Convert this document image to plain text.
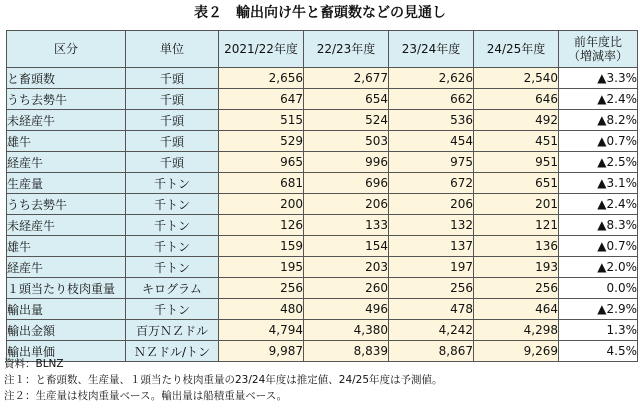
表２　輸出向け牛と畜頭数などの見通し
区分	単位	2021/22年度	22/23年度	23/24年度	24/25年度	前年度比
（増減率）
と畜頭数	千頭	2,656	2,677	2,626	2,540	▲3.3%
うち去勢牛	千頭	647	654	662	646	▲2.4%
未経産牛	千頭	515	524	536	492	▲8.2%
雄牛	千頭	529	503	454	451	▲0.7%
経産牛	千頭	965	996	975	951	▲2.5%
生産量	千トン	681	696	672	651	▲3.1%
うち去勢牛	千トン	200	206	206	201	▲2.4%
未経産牛	千トン	126	133	132	121	▲8.3%
雄牛	千トン	159	154	137	136	▲0.7%
経産牛	千トン	195	203	197	193	▲2.0%
１頭当たり枝肉重量	キログラム	256	260	256	256	0.0%
輸出量	千トン	480	496	478	464	▲2.9%
輸出金額	百万ＮＺドル	4,794	4,380	4,242	4,298	1.3%
輸出単価	ＮＺドル/トン	9,987	8,839	8,867	9,269	4.5%
資料：BLNZ
注１：と畜頭数、生産量、１頭当たり枝肉重量の23/24年度は推定値、24/25年度は予測値。
注２：生産量は枝肉重量ベース。輸出量は船積重量ベース。
